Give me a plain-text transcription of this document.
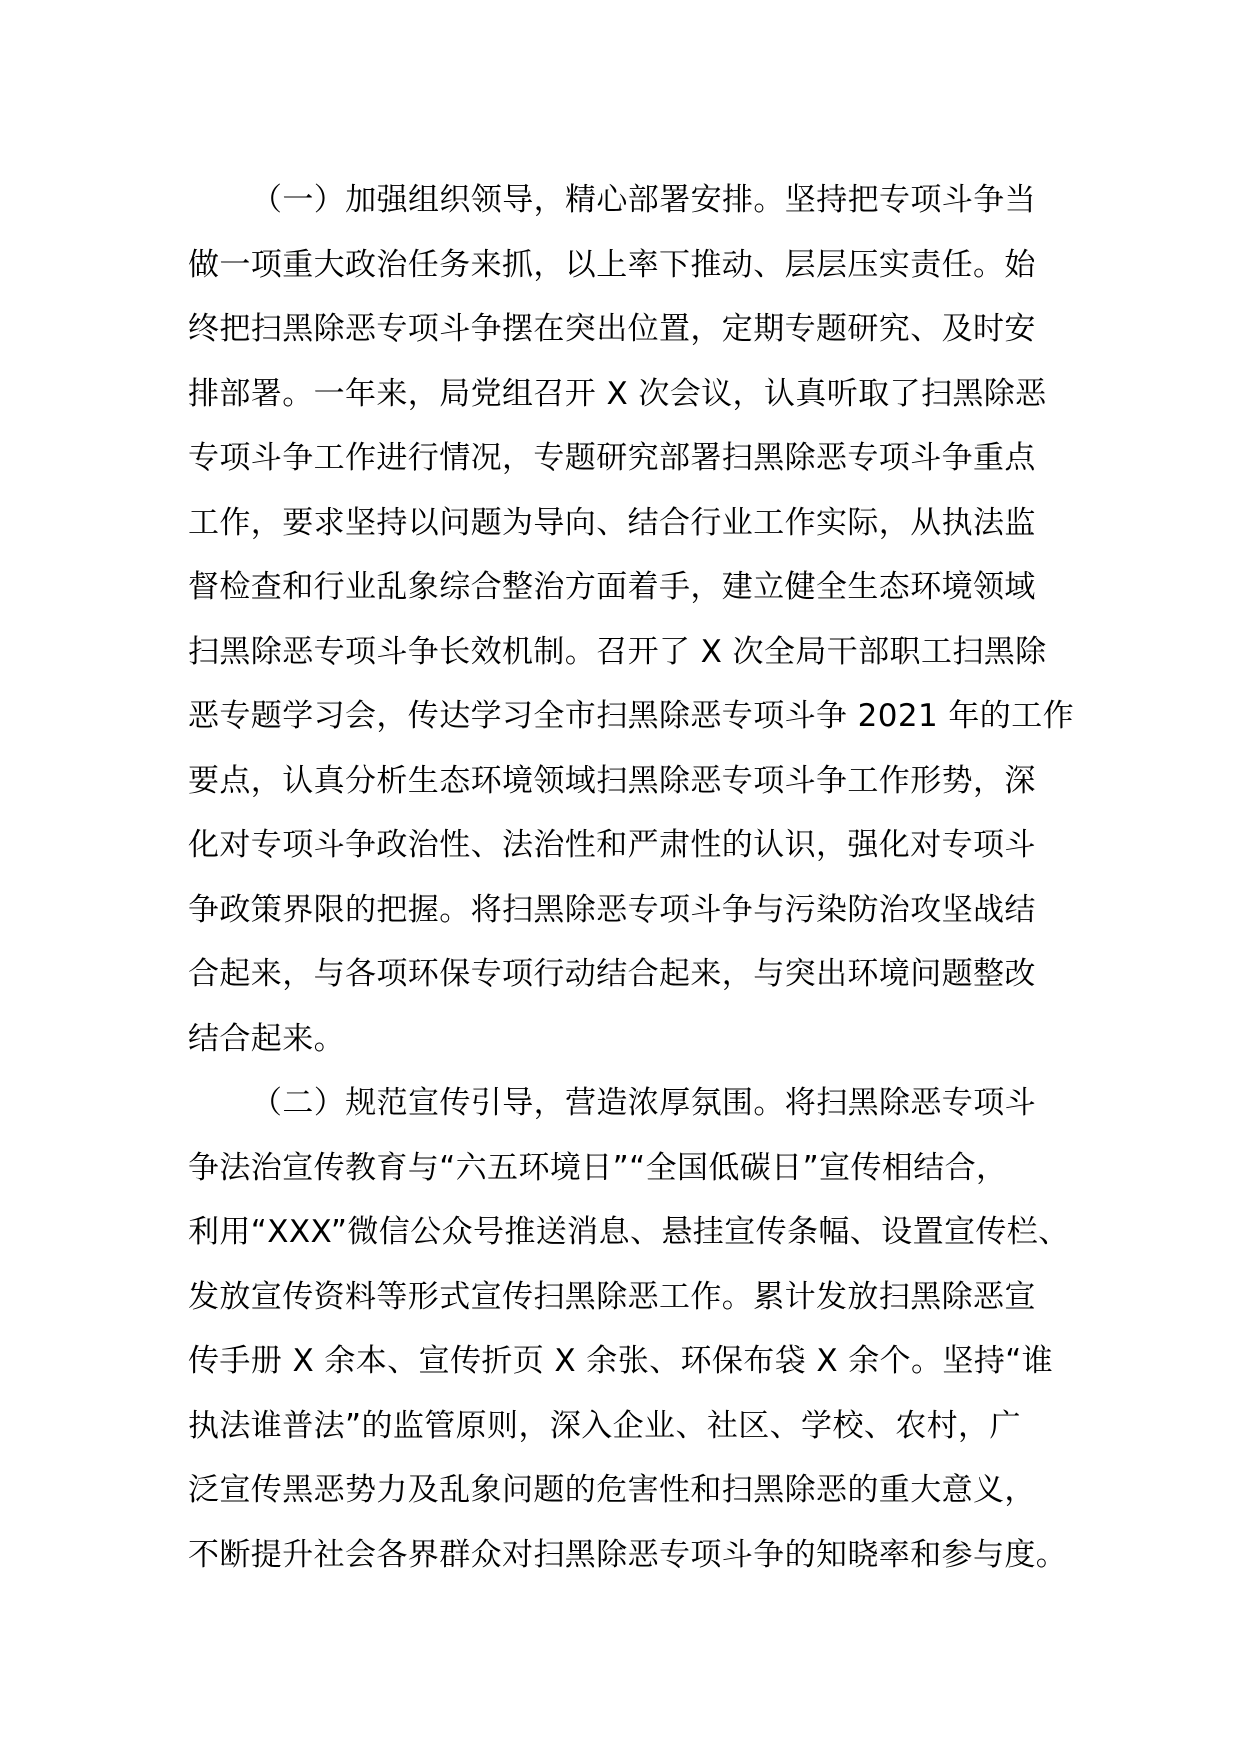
（一）加强组织领导，精心部署安排。坚持把专项斗争当
做一项重大政治任务来抓，以上率下推动、层层压实责任。始
终把扫黑除恶专项斗争摆在突出位置，定期专题研究、及时安
排部署。一年来，局党组召开 X 次会议，认真听取了扫黑除恶
专项斗争工作进行情况，专题研究部署扫黑除恶专项斗争重点
工作，要求坚持以问题为导向、结合行业工作实际，从执法监
督检查和行业乱象综合整治方面着手，建立健全生态环境领域
扫黑除恶专项斗争长效机制。召开了 X 次全局干部职工扫黑除
恶专题学习会，传达学习全市扫黑除恶专项斗争 2021 年的工作
要点，认真分析生态环境领域扫黑除恶专项斗争工作形势，深
化对专项斗争政治性、法治性和严肃性的认识，强化对专项斗
争政策界限的把握。将扫黑除恶专项斗争与污染防治攻坚战结
合起来，与各项环保专项行动结合起来，与突出环境问题整改
结合起来。
（二）规范宣传引导，营造浓厚氛围。将扫黑除恶专项斗
争法治宣传教育与“六五环境日”“全国低碳日”宣传相结合，
利用“XXX”微信公众号推送消息、悬挂宣传条幅、设置宣传栏、
发放宣传资料等形式宣传扫黑除恶工作。累计发放扫黑除恶宣
传手册 X 余本、宣传折页 X 余张、环保布袋 X 余个。坚持“谁
执法谁普法”的监管原则，深入企业、社区、学校、农村，广
泛宣传黑恶势力及乱象问题的危害性和扫黑除恶的重大意义，
不断提升社会各界群众对扫黑除恶专项斗争的知晓率和参与度。
